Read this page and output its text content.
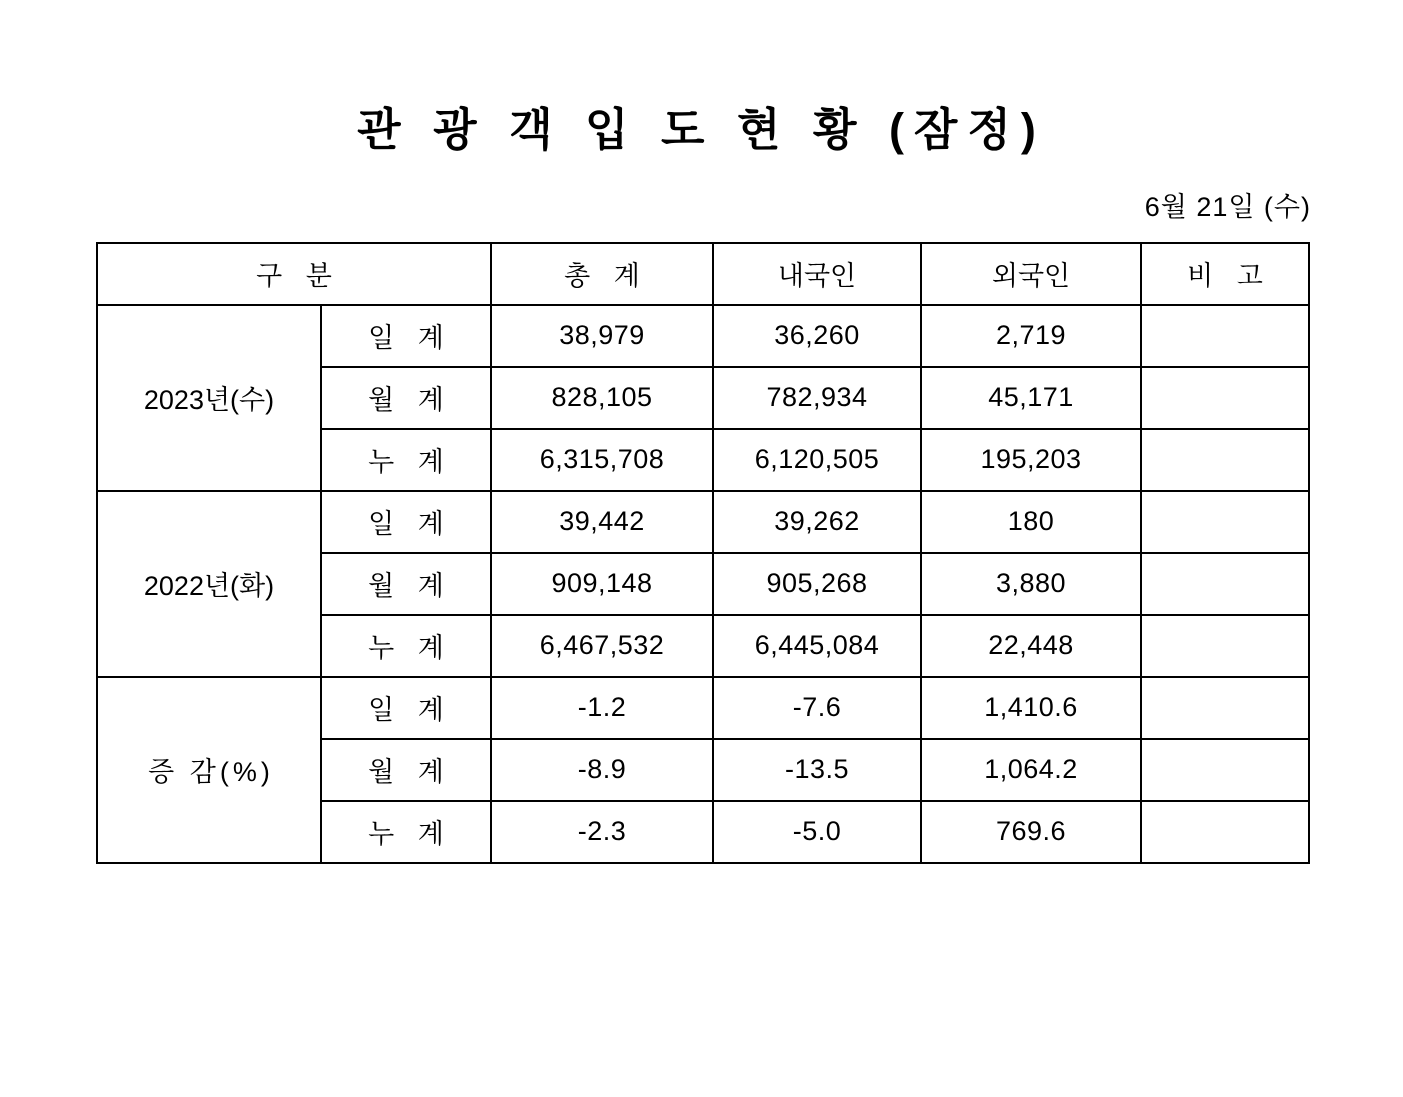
관 광 객 입 도 현 황 (잠정)
6월 21일 (수)
구 분		총 계	내국인	외국인	비 고
2023년(수)	일 계	38,979	36,260	2,719	
	월 계	828,105	782,934	45,171	
	누 계	6,315,708	6,120,505	195,203	
2022년(화)	일 계	39,442	39,262	180	
	월 계	909,148	905,268	3,880	
	누 계	6,467,532	6,445,084	22,448	
증 감(%)	일 계	-1.2	-7.6	1,410.6	
	월 계	-8.9	-13.5	1,064.2	
	누 계	-2.3	-5.0	769.6	
